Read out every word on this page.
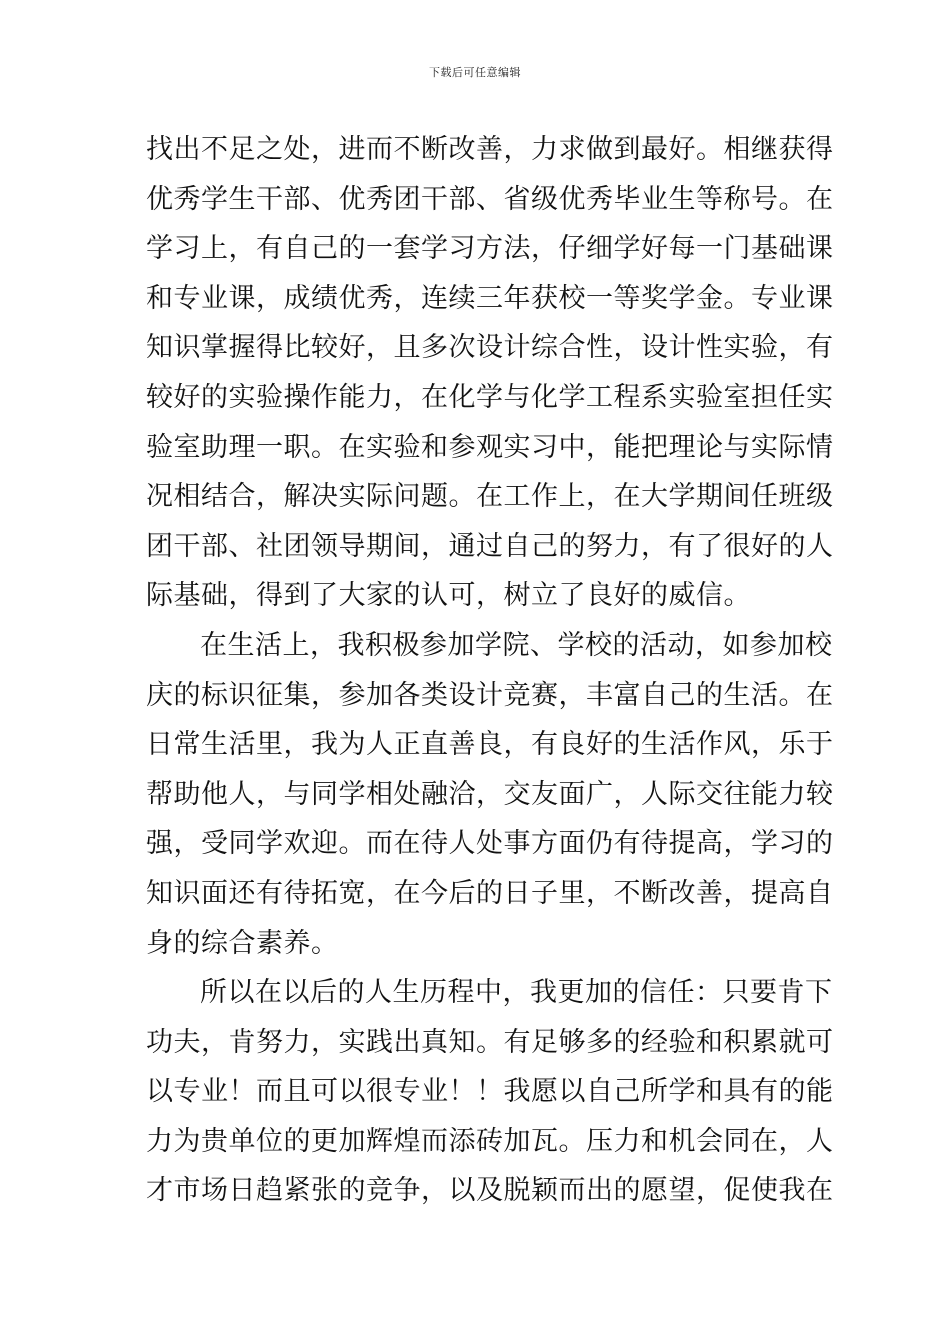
下载后可任意编辑
找出不足之处，进而不断改善，力求做到最好。相继获得
优秀学生干部、优秀团干部、省级优秀毕业生等称号。在
学习上，有自己的一套学习方法，仔细学好每一门基础课
和专业课，成绩优秀，连续三年获校一等奖学金。专业课
知识掌握得比较好，且多次设计综合性，设计性实验，有
较好的实验操作能力，在化学与化学工程系实验室担任实
验室助理一职。在实验和参观实习中，能把理论与实际情
况相结合，解决实际问题。在工作上，在大学期间任班级
团干部、社团领导期间，通过自己的努力，有了很好的人
际基础，得到了大家的认可，树立了良好的威信。
在生活上，我积极参加学院、学校的活动，如参加校
庆的标识征集，参加各类设计竞赛，丰富自己的生活。在
日常生活里，我为人正直善良，有良好的生活作风，乐于
帮助他人，与同学相处融洽，交友面广，人际交往能力较
强，受同学欢迎。而在待人处事方面仍有待提高，学习的
知识面还有待拓宽，在今后的日子里，不断改善，提高自
身的综合素养。
所以在以后的人生历程中，我更加的信任：只要肯下
功夫，肯努力，实践出真知。有足够多的经验和积累就可
以专业！而且可以很专业！！我愿以自己所学和具有的能
力为贵单位的更加辉煌而添砖加瓦。压力和机会同在，人
才市场日趋紧张的竞争，以及脱颖而出的愿望，促使我在
